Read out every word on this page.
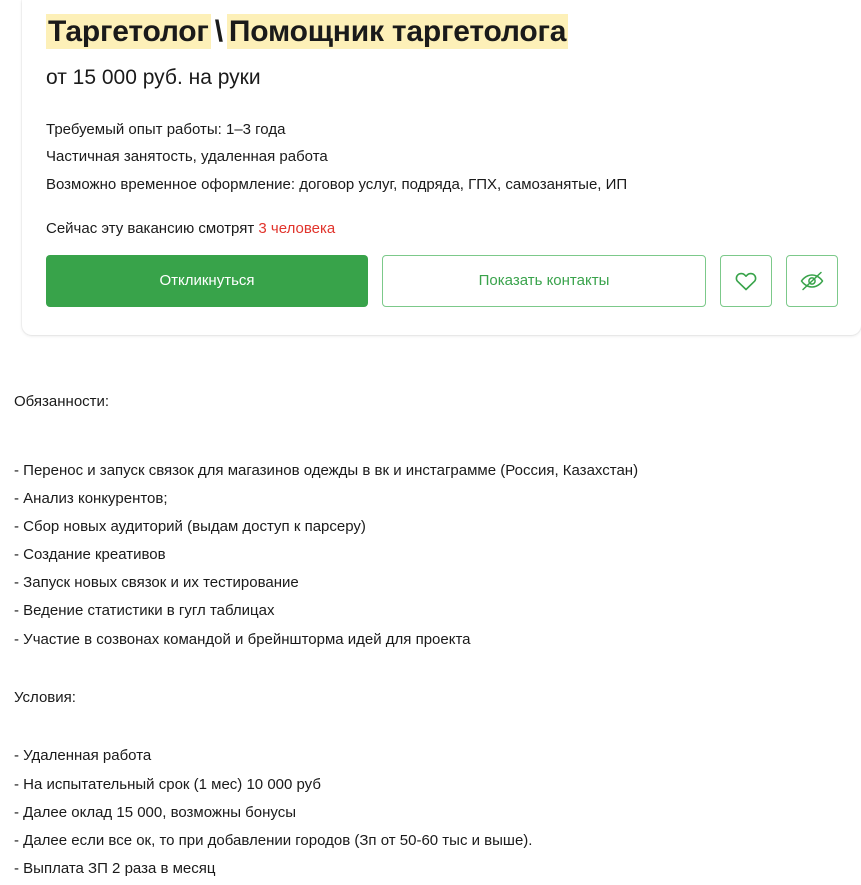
Таргетолог \ Помощник таргетолога
от 15 000 руб. на руки
Требуемый опыт работы: 1–3 года
Частичная занятость, удаленная работа
Возможно временное оформление: договор услуг, подряда, ГПХ, самозанятые, ИП
Сейчас эту вакансию смотрят 3 человека
Откликнуться	Показать контакты
Обязанности:
- Перенос и запуск связок для магазинов одежды в вк и инстаграмме (Россия, Казахстан)
- Анализ конкурентов;
- Сбор новых аудиторий (выдам доступ к парсеру)
- Создание креативов
- Запуск новых связок и их тестирование
- Ведение статистики в гугл таблицах
- Участие в созвонах командой и брейншторма идей для проекта
Условия:
- Удаленная работа
- На испытательный срок (1 мес) 10 000 руб
- Далее оклад 15 000, возможны бонусы
- Далее если все ок, то при добавлении городов (Зп от 50-60 тыс и выше).
- Выплата ЗП 2 раза в месяц
